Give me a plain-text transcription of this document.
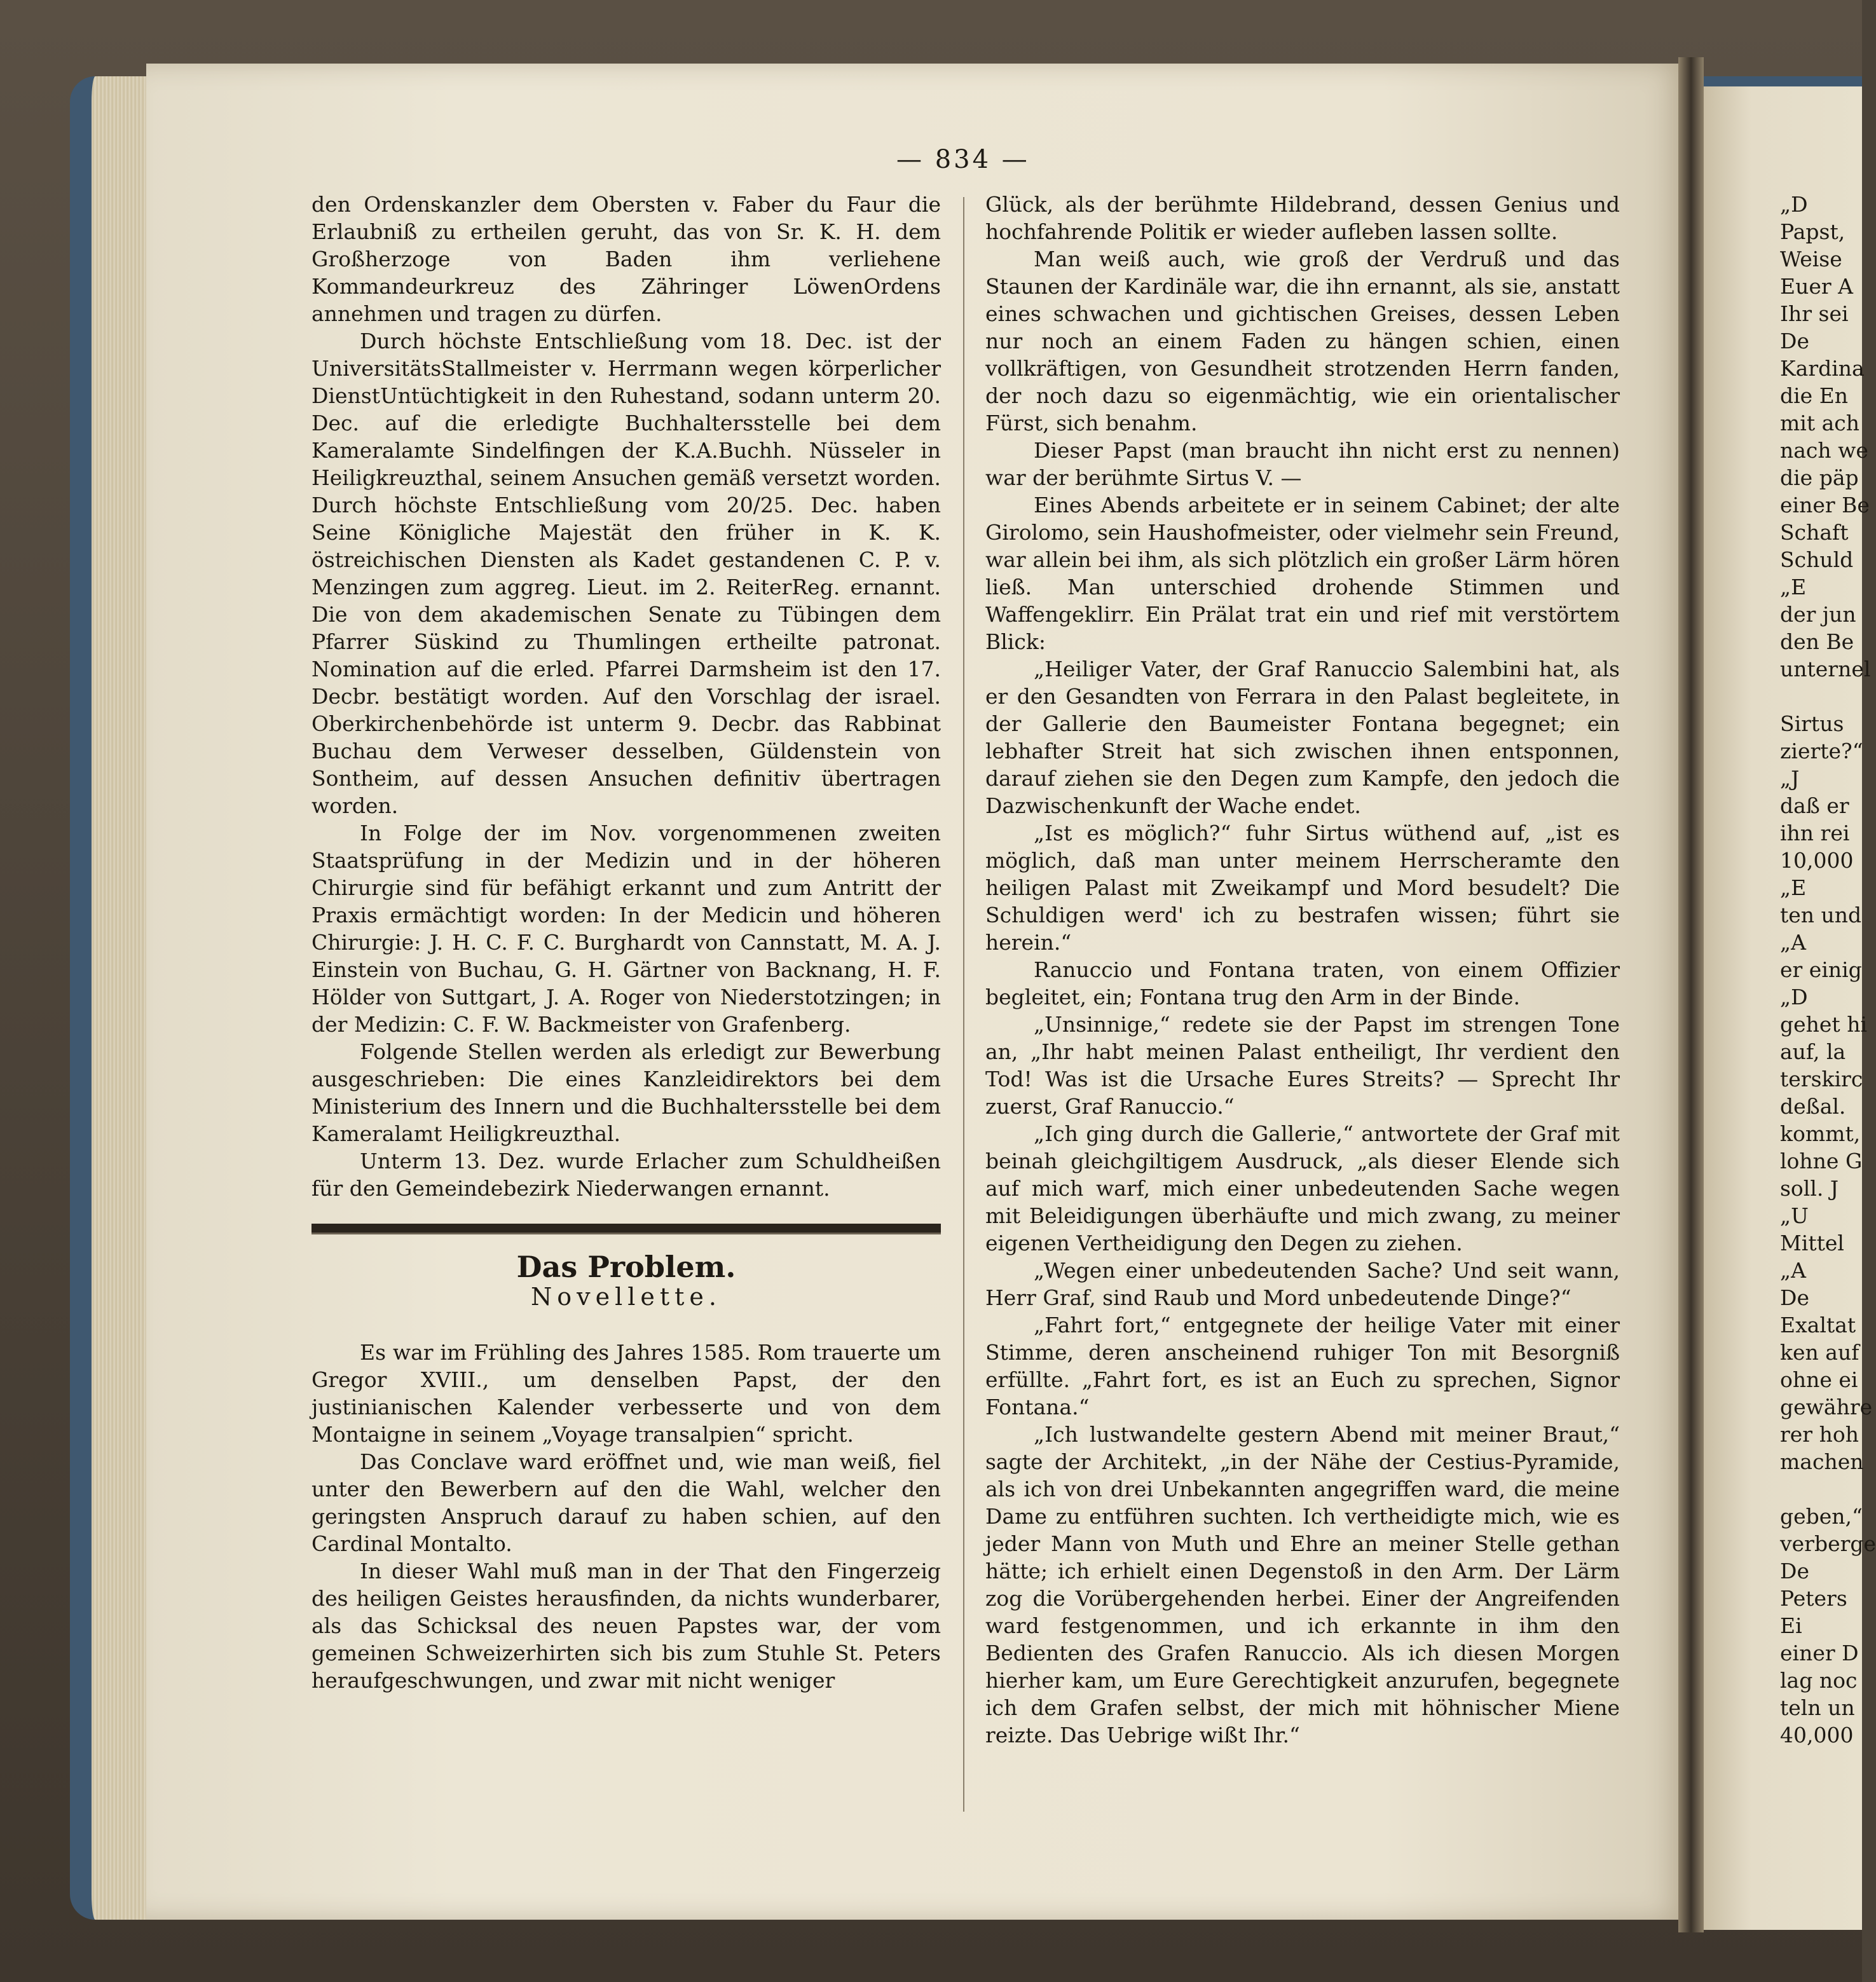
— 834 —

den Ordenskanzler dem Obersten v. Faber du Faur die Erlaubniß zu ertheilen geruht, das von Sr. K. H. dem Großherzoge von Baden ihm verliehene Kommandeurkreuz des Zähringer LöwenOrdens annehmen und tragen zu dürfen.

Durch höchste Entschließung vom 18. Dec. ist der UniversitätsStallmeister v. Herrmann wegen körperlicher DienstUntüchtigkeit in den Ruhestand, sodann unterm 20. Dec. auf die erledigte Buchhaltersstelle bei dem Kameralamte Sindelfingen der K.A.Buchh. Nüsseler in Heiligkreuzthal, seinem Ansuchen gemäß versetzt worden. Durch höchste Entschließung vom 20/25. Dec. haben Seine Königliche Majestät den früher in K. K. östreichischen Diensten als Kadet gestandenen C. P. v. Menzingen zum aggreg. Lieut. im 2. ReiterReg. ernannt. Die von dem akademischen Senate zu Tübingen dem Pfarrer Süskind zu Thumlingen ertheilte patronat. Nomination auf die erled. Pfarrei Darmsheim ist den 17. Decbr. bestätigt worden. Auf den Vorschlag der israel. Oberkirchenbehörde ist unterm 9. Decbr. das Rabbinat Buchau dem Verweser desselben, Güldenstein von Sontheim, auf dessen Ansuchen definitiv übertragen worden.

In Folge der im Nov. vorgenommenen zweiten Staatsprüfung in der Medizin und in der höheren Chirurgie sind für befähigt erkannt und zum Antritt der Praxis ermächtigt worden: In der Medicin und höheren Chirurgie: J. H. C. F. C. Burghardt von Cannstatt, M. A. J. Einstein von Buchau, G. H. Gärtner von Backnang, H. F. Hölder von Suttgart, J. A. Roger von Niederstotzingen; in der Medizin: C. F. W. Backmeister von Grafenberg.

Folgende Stellen werden als erledigt zur Bewerbung ausgeschrieben: Die eines Kanzleidirektors bei dem Ministerium des Innern und die Buchhaltersstelle bei dem Kameralamt Heiligkreuzthal.

Unterm 13. Dez. wurde Erlacher zum Schuldheißen für den Gemeindebezirk Niederwangen ernannt.

Das Problem.
Novellette.

Es war im Frühling des Jahres 1585. Rom trauerte um Gregor XVIII., um denselben Papst, der den justinianischen Kalender verbesserte und von dem Montaigne in seinem „Voyage transalpien“ spricht.

Das Conclave ward eröffnet und, wie man weiß, fiel unter den Bewerbern auf den die Wahl, welcher den geringsten Anspruch darauf zu haben schien, auf den Cardinal Montalto.

In dieser Wahl muß man in der That den Fingerzeig des heiligen Geistes herausfinden, da nichts wunderbarer, als das Schicksal des neuen Papstes war, der vom gemeinen Schweizerhirten sich bis zum Stuhle St. Peters heraufgeschwungen, und zwar mit nicht weniger

Glück, als der berühmte Hildebrand, dessen Genius und hochfahrende Politik er wieder aufleben lassen sollte.

Man weiß auch, wie groß der Verdruß und das Staunen der Kardinäle war, die ihn ernannt, als sie, anstatt eines schwachen und gichtischen Greises, dessen Leben nur noch an einem Faden zu hängen schien, einen vollkräftigen, von Gesundheit strotzenden Herrn fanden, der noch dazu so eigenmächtig, wie ein orientalischer Fürst, sich benahm.

Dieser Papst (man braucht ihn nicht erst zu nennen) war der berühmte Sirtus V. —

Eines Abends arbeitete er in seinem Cabinet; der alte Girolomo, sein Haushofmeister, oder vielmehr sein Freund, war allein bei ihm, als sich plötzlich ein großer Lärm hören ließ. Man unterschied drohende Stimmen und Waffengeklirr. Ein Prälat trat ein und rief mit verstörtem Blick:

„Heiliger Vater, der Graf Ranuccio Salembini hat, als er den Gesandten von Ferrara in den Palast begleitete, in der Gallerie den Baumeister Fontana begegnet; ein lebhafter Streit hat sich zwischen ihnen entsponnen, darauf ziehen sie den Degen zum Kampfe, den jedoch die Dazwischenkunft der Wache endet.

„Ist es möglich?“ fuhr Sirtus wüthend auf, „ist es möglich, daß man unter meinem Herrscheramte den heiligen Palast mit Zweikampf und Mord besudelt? Die Schuldigen werd' ich zu bestrafen wissen; führt sie herein.“

Ranuccio und Fontana traten, von einem Offizier begleitet, ein; Fontana trug den Arm in der Binde.

„Unsinnige,“ redete sie der Papst im strengen Tone an, „Ihr habt meinen Palast entheiligt, Ihr verdient den Tod! Was ist die Ursache Eures Streits? — Sprecht Ihr zuerst, Graf Ranuccio.“

„Ich ging durch die Gallerie,“ antwortete der Graf mit beinah gleichgiltigem Ausdruck, „als dieser Elende sich auf mich warf, mich einer unbedeutenden Sache wegen mit Beleidigungen überhäufte und mich zwang, zu meiner eigenen Vertheidigung den Degen zu ziehen.

„Wegen einer unbedeutenden Sache? Und seit wann, Herr Graf, sind Raub und Mord unbedeutende Dinge?“

„Fahrt fort,“ entgegnete der heilige Vater mit einer Stimme, deren anscheinend ruhiger Ton mit Besorgniß erfüllte. „Fahrt fort, es ist an Euch zu sprechen, Signor Fontana.“

„Ich lustwandelte gestern Abend mit meiner Braut,“ sagte der Architekt, „in der Nähe der Cestius-Pyramide, als ich von drei Unbekannten angegriffen ward, die meine Dame zu entführen suchten. Ich vertheidigte mich, wie es jeder Mann von Muth und Ehre an meiner Stelle gethan hätte; ich erhielt einen Degenstoß in den Arm. Der Lärm zog die Vorübergehenden herbei. Einer der Angreifenden ward festgenommen, und ich erkannte in ihm den Bedienten des Grafen Ranuccio. Als ich diesen Morgen hierher kam, um Eure Gerechtigkeit anzurufen, begegnete ich dem Grafen selbst, der mich mit höhnischer Miene reizte. Das Uebrige wißt Ihr.“

„D
Papst,
Weise
Euer A
Ihr sei
De
Kardina
die En
mit ach
nach we
die päp
einer Be
Schaft
Schuld
„E
der jun
den Be
unternel
Sirtus
zierte?“
„J
daß er
ihn rei
10,000
„E
ten und
„A
er einig
„D
gehet hi
auf, la
terskirc
deßal.
kommt,
lohne G
soll. J
„U
Mittel
„A
De
Exaltat
ken auf
ohne ei
gewähre
rer hoh
machen
geben,“
verberge
De
Peters
Ei
einer D
lag noc
teln un
40,000
